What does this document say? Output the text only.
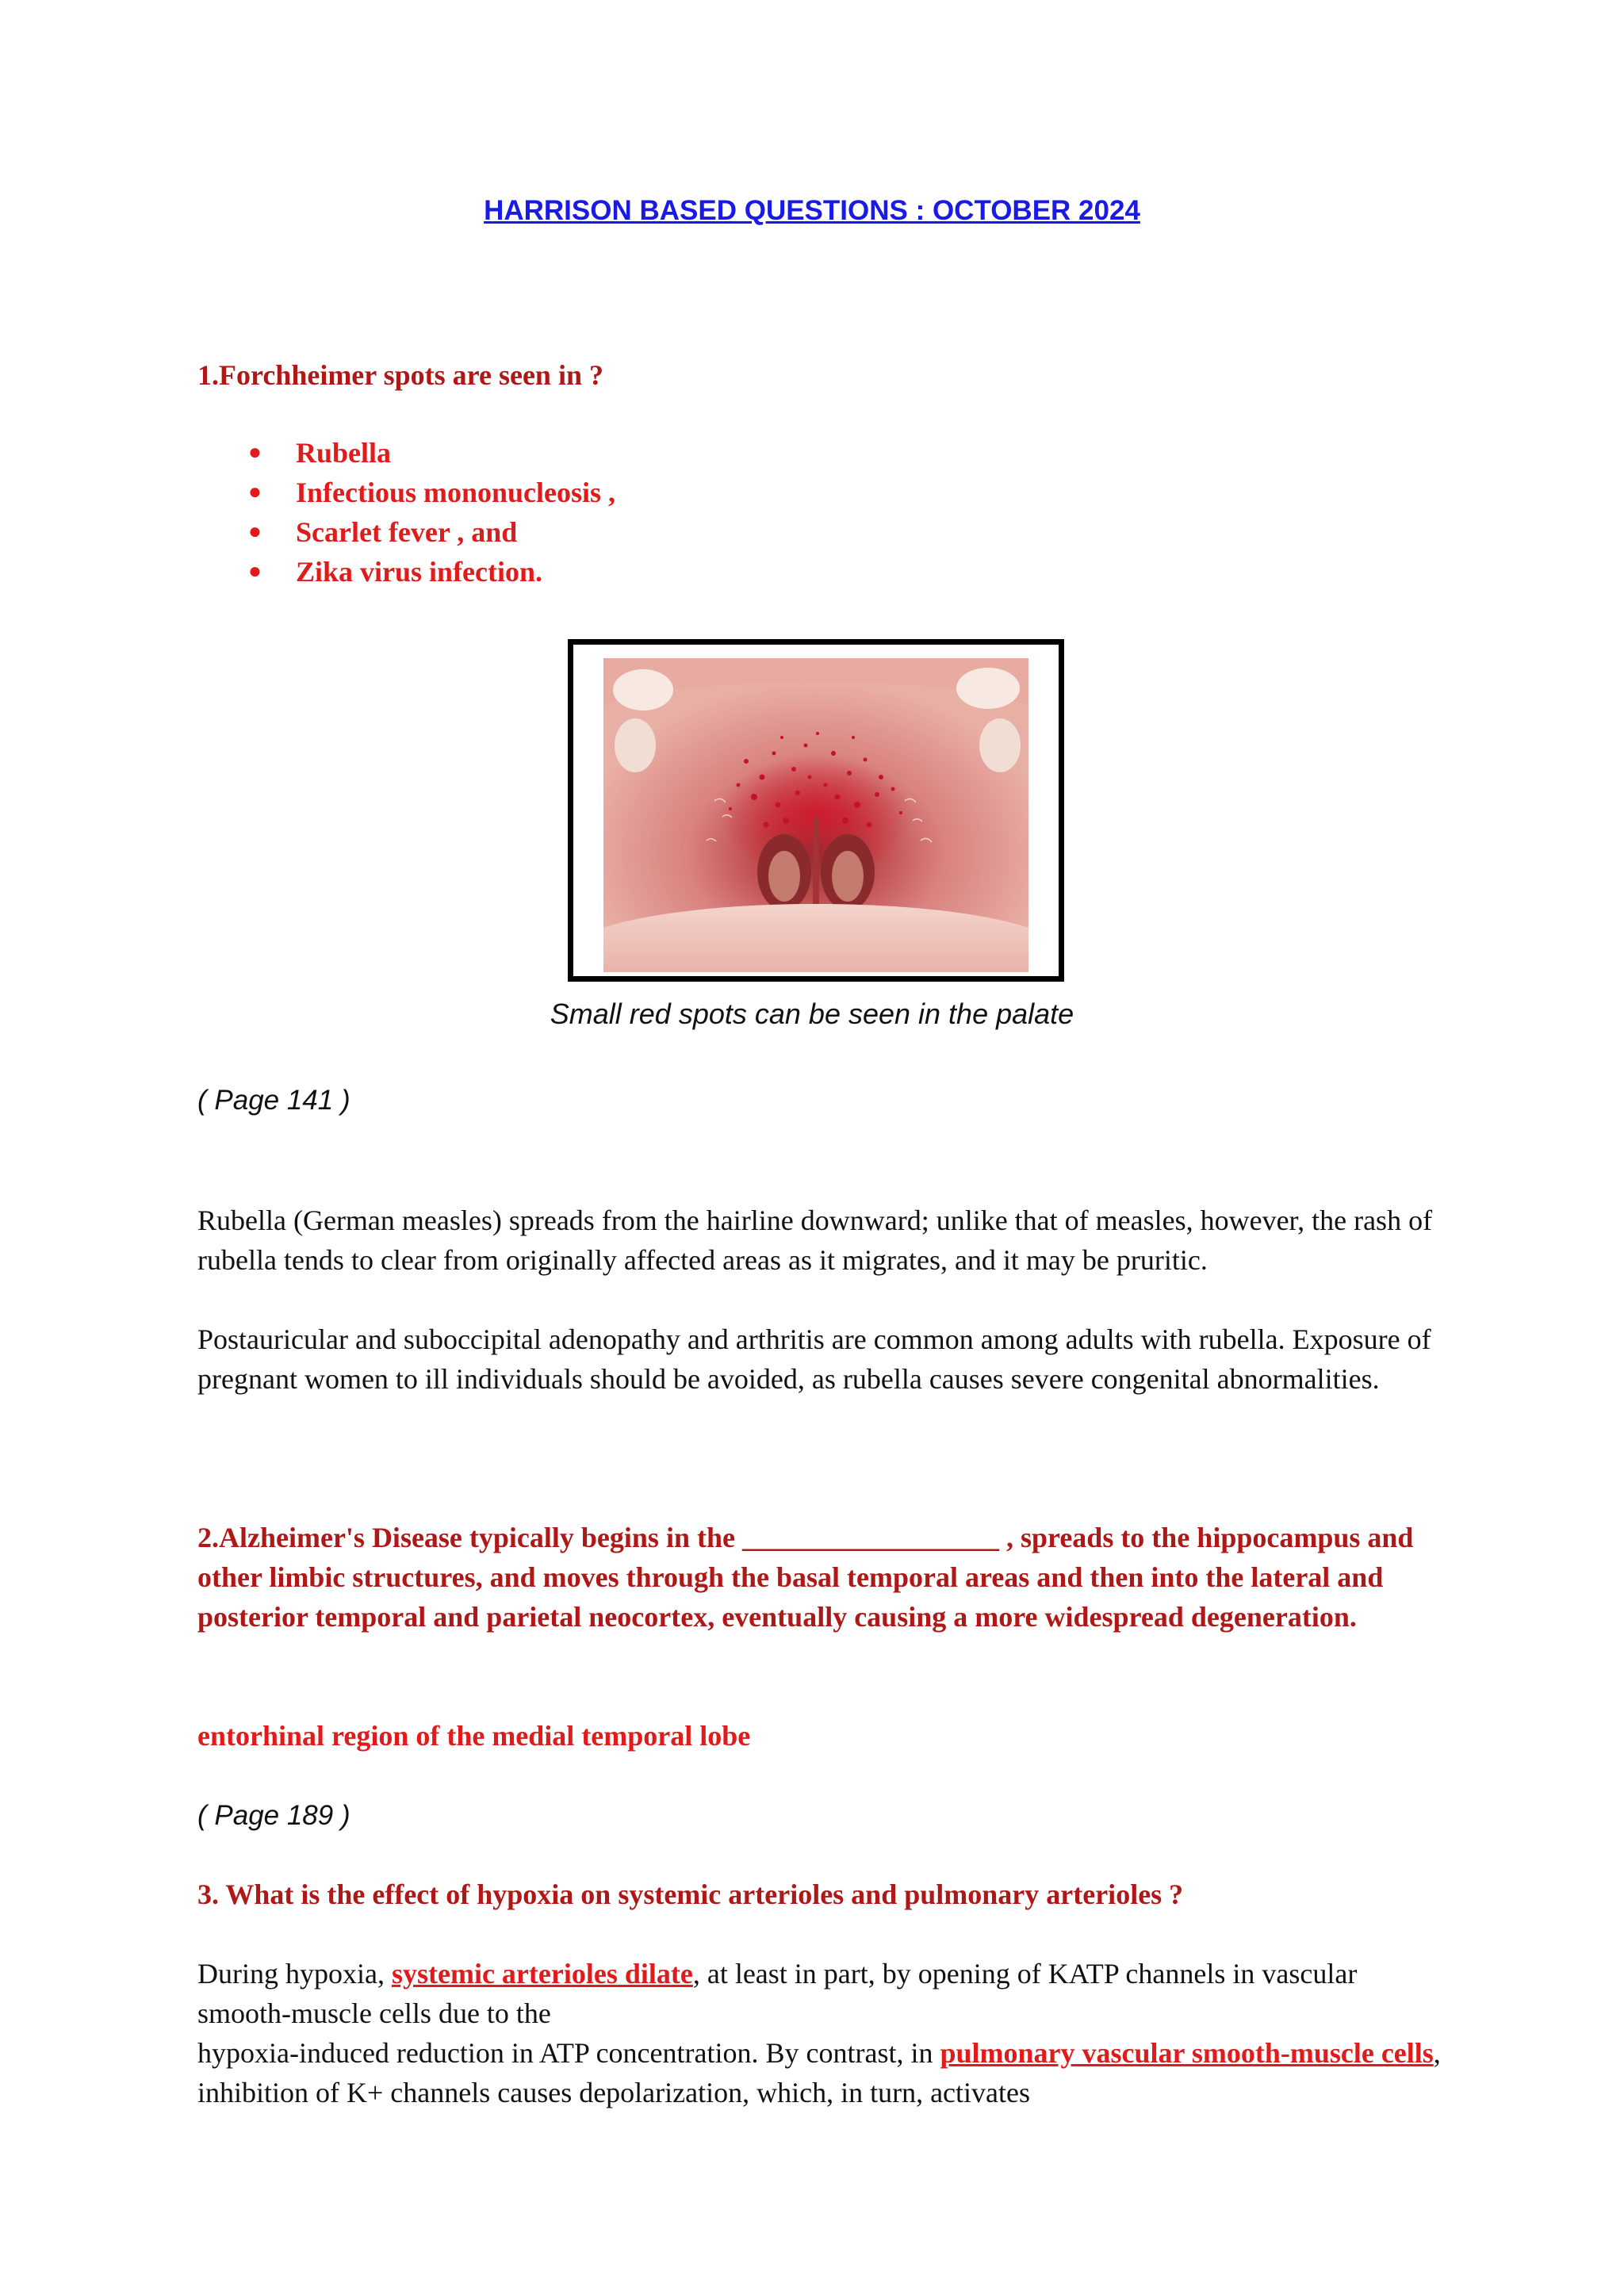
HARRISON BASED QUESTIONS : OCTOBER 2024

1.Forchheimer spots are seen in ?

● Rubella
● Infectious mononucleosis ,
● Scarlet fever , and
● Zika virus infection.
Small red spots can be seen in the palate

( Page 141 )

Rubella (German measles) spreads from the hairline downward; unlike that of measles, however, the rash of rubella tends to clear from originally affected areas as it migrates, and it may be pruritic.

Postauricular and suboccipital adenopathy and arthritis are common among adults with rubella. Exposure of pregnant women to ill individuals should be avoided, as rubella causes severe congenital abnormalities.

2.Alzheimer's Disease typically begins in the __________________ , spreads to the hippocampus and other limbic structures, and moves through the basal temporal areas and then into the lateral and posterior temporal and parietal neocortex, eventually causing a more widespread degeneration.

entorhinal region of the medial temporal lobe

( Page 189 )

3. What is the effect of hypoxia on systemic arterioles and pulmonary arterioles ?

During hypoxia, systemic arterioles dilate, at least in part, by opening of KATP channels in vascular smooth-muscle cells due to the
hypoxia-induced reduction in ATP concentration. By contrast, in pulmonary vascular smooth-muscle cells, inhibition of K+ channels causes depolarization, which, in turn, activates
